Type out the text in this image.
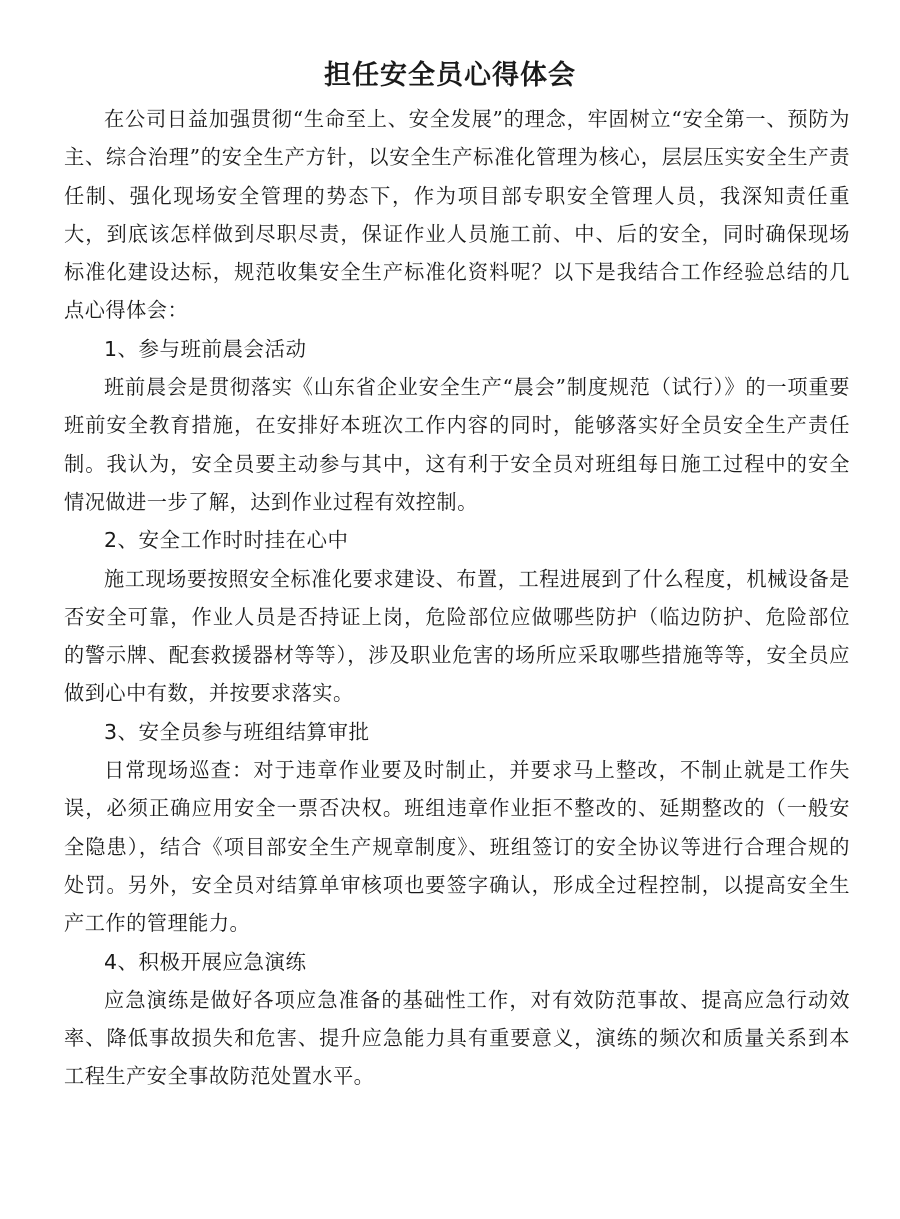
担任安全员心得体会

在公司日益加强贯彻“生命至上、安全发展”的理念，牢固树立“安全第一、预防为主、综合治理”的安全生产方针，以安全生产标准化管理为核心，层层压实安全生产责任制、强化现场安全管理的势态下，作为项目部专职安全管理人员，我深知责任重大，到底该怎样做到尽职尽责，保证作业人员施工前、中、后的安全，同时确保现场标准化建设达标，规范收集安全生产标准化资料呢？以下是我结合工作经验总结的几点心得体会：

1、参与班前晨会活动

班前晨会是贯彻落实《山东省企业安全生产“晨会”制度规范（试行）》的一项重要班前安全教育措施，在安排好本班次工作内容的同时，能够落实好全员安全生产责任制。我认为，安全员要主动参与其中，这有利于安全员对班组每日施工过程中的安全情况做进一步了解，达到作业过程有效控制。

2、安全工作时时挂在心中

施工现场要按照安全标准化要求建设、布置，工程进展到了什么程度，机械设备是否安全可靠，作业人员是否持证上岗，危险部位应做哪些防护（临边防护、危险部位的警示牌、配套救援器材等等），涉及职业危害的场所应采取哪些措施等等，安全员应做到心中有数，并按要求落实。

3、安全员参与班组结算审批

日常现场巡查：对于违章作业要及时制止，并要求马上整改，不制止就是工作失误，必须正确应用安全一票否决权。班组违章作业拒不整改的、延期整改的（一般安全隐患），结合《项目部安全生产规章制度》、班组签订的安全协议等进行合理合规的处罚。另外，安全员对结算单审核项也要签字确认，形成全过程控制，以提高安全生产工作的管理能力。

4、积极开展应急演练

应急演练是做好各项应急准备的基础性工作，对有效防范事故、提高应急行动效率、降低事故损失和危害、提升应急能力具有重要意义，演练的频次和质量关系到本工程生产安全事故防范处置水平。
